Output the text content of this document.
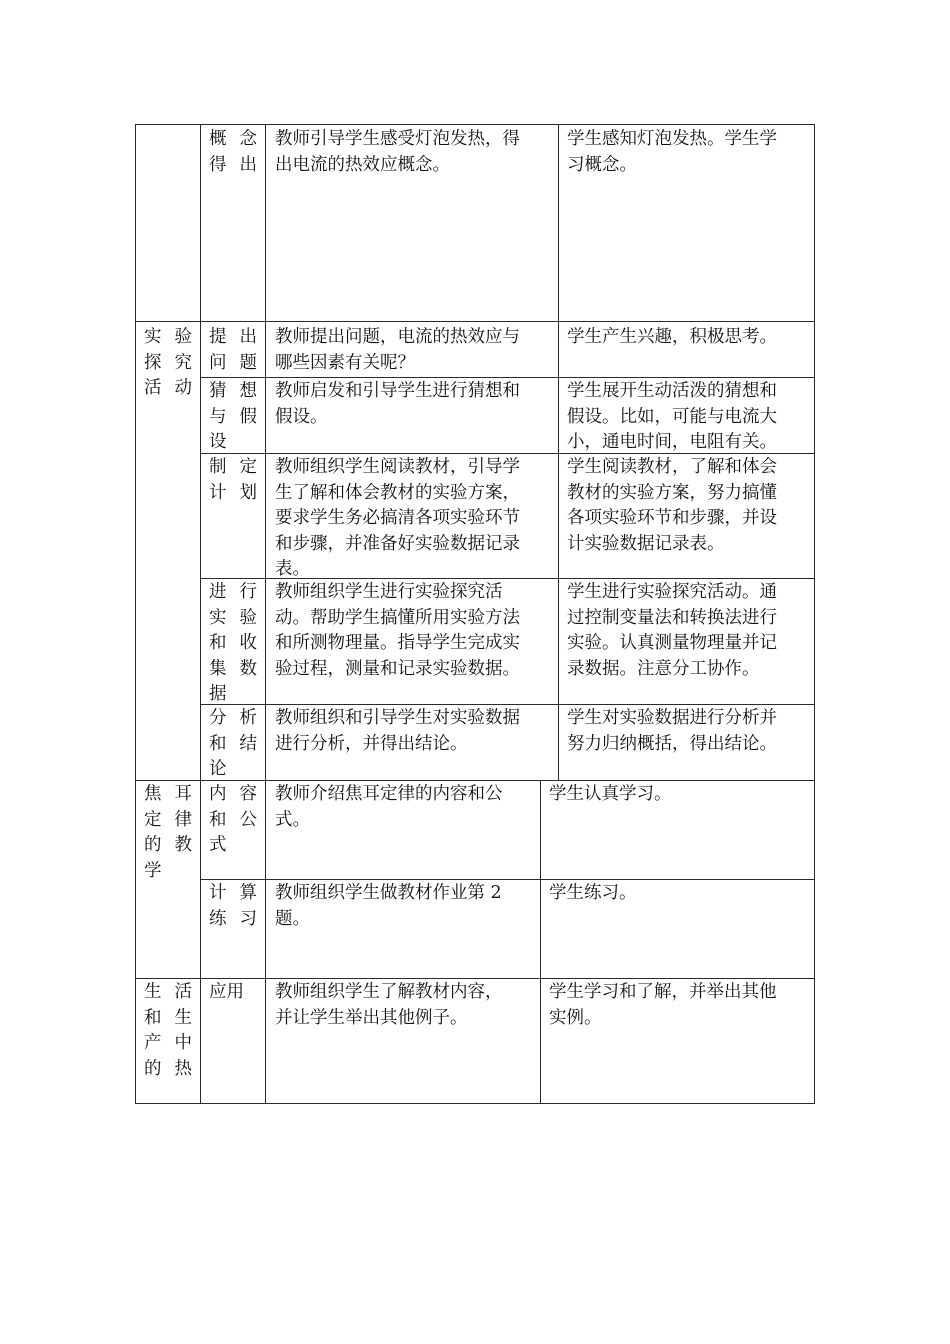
概念
得出

教师引导学生感受灯泡发热，得
出电流的热效应概念。

学生感知灯泡发热。学生学
习概念。

实验
探究
活动

提出
问题

教师提出问题，电流的热效应与
哪些因素有关呢？

学生产生兴趣，积极思考。

猜想
与假
设

教师启发和引导学生进行猜想和
假设。

学生展开生动活泼的猜想和
假设。比如，可能与电流大
小，通电时间，电阻有关。

制定
计划

教师组织学生阅读教材，引导学
生了解和体会教材的实验方案，
要求学生务必搞清各项实验环节
和步骤，并准备好实验数据记录
表。

学生阅读教材，了解和体会
教材的实验方案，努力搞懂
各项实验环节和步骤，并设
计实验数据记录表。

进行
实验
和收
集数
据

教师组织学生进行实验探究活
动。帮助学生搞懂所用实验方法
和所测物理量。指导学生完成实
验过程，测量和记录实验数据。

学生进行实验探究活动。通
过控制变量法和转换法进行
实验。认真测量物理量并记
录数据。注意分工协作。

分析
和结
论

教师组织和引导学生对实验数据
进行分析，并得出结论。

学生对实验数据进行分析并
努力归纳概括，得出结论。

焦耳
定律
的教
学

内容
和公
式

教师介绍焦耳定律的内容和公
式。

学生认真学习。

计算
练习

教师组织学生做教材作业第 2
题。

学生练习。

生活
和生
产中
的热

应用 教师组织学生了解教材内容，
并让学生举出其他例子。

学生学习和了解，并举出其他
实例。
